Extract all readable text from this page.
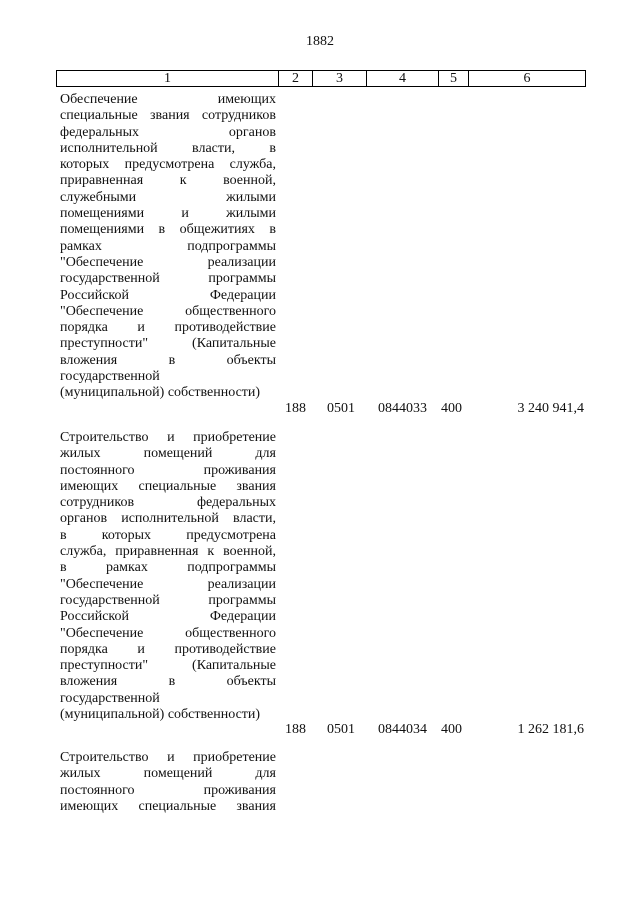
1882
1	2	3	4	5	6
Обеспечение имеющих
специальные звания сотрудников
федеральных органов
исполнительной власти, в
которых предусмотрена служба,
приравненная к военной,
служебными жилыми
помещениями и жилыми
помещениями в общежитиях в
рамках подпрограммы
"Обеспечение реализации
государственной программы
Российской Федерации
"Обеспечение общественного
порядка и противодействие
преступности" (Капитальные
вложения в объекты
государственной
(муниципальной) собственности)
188 0501 0844033 400	3 240 941,4
Строительство и приобретение
жилых помещений для
постоянного проживания
имеющих специальные звания
сотрудников федеральных
органов исполнительной власти,
в которых предусмотрена
служба, приравненная к военной,
в рамках подпрограммы
"Обеспечение реализации
государственной программы
Российской Федерации
"Обеспечение общественного
порядка и противодействие
преступности" (Капитальные
вложения в объекты
государственной
(муниципальной) собственности)
188 0501 0844034 400	1 262 181,6
Строительство и приобретение
жилых помещений для
постоянного проживания
имеющих специальные звания
